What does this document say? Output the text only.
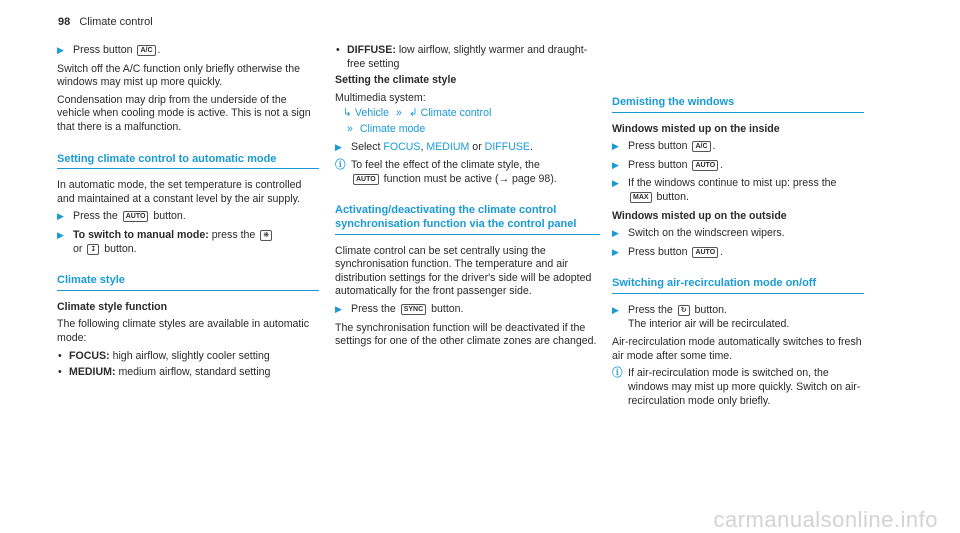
98 Climate control
▶ Press button A/C .
Switch off the A/C function only briefly otherwise the windows may mist up more quickly.
Condensation may drip from the underside of the vehicle when cooling mode is active. This is not a sign that there is a malfunction.
Setting climate control to automatic mode
In automatic mode, the set temperature is controlled and maintained at a constant level by the air supply.
▶ Press the AUTO button.
▶ To switch to manual mode: press the ❋
or ↧ button.
Climate style
Climate style function
The following climate styles are available in automatic mode:
• FOCUS: high airflow, slightly cooler setting
• MEDIUM: medium airflow, standard setting
• DIFFUSE: low airflow, slightly warmer and draught-free setting
Setting the climate style
Multimedia system:
↳ Vehicle » ↲ Climate control
» Climate mode
▶ Select FOCUS, MEDIUM or DIFFUSE.
ⓘ To feel the effect of the climate style, the
AUTO function must be active (→ page 98).
Activating/deactivating the climate control synchronisation function via the control panel
Climate control can be set centrally using the synchronisation function. The temperature and air distribution settings for the driver's side will be adopted automatically for the front passenger side.
▶ Press the SYNC button.
The synchronisation function will be deactivated if the settings for one of the other climate zones are changed.
Demisting the windows
Windows misted up on the inside
▶ Press button A/C .
▶ Press button AUTO .
▶ If the windows continue to mist up: press the
MAX button.
Windows misted up on the outside
▶ Switch on the windscreen wipers.
▶ Press button AUTO .
Switching air-recirculation mode on/off
▶ Press the ↻ button.
The interior air will be recirculated.
Air-recirculation mode automatically switches to fresh air mode after some time.
ⓘ If air-recirculation mode is switched on, the windows may mist up more quickly. Switch on air-recirculation mode only briefly.
carmanualsonline.info
